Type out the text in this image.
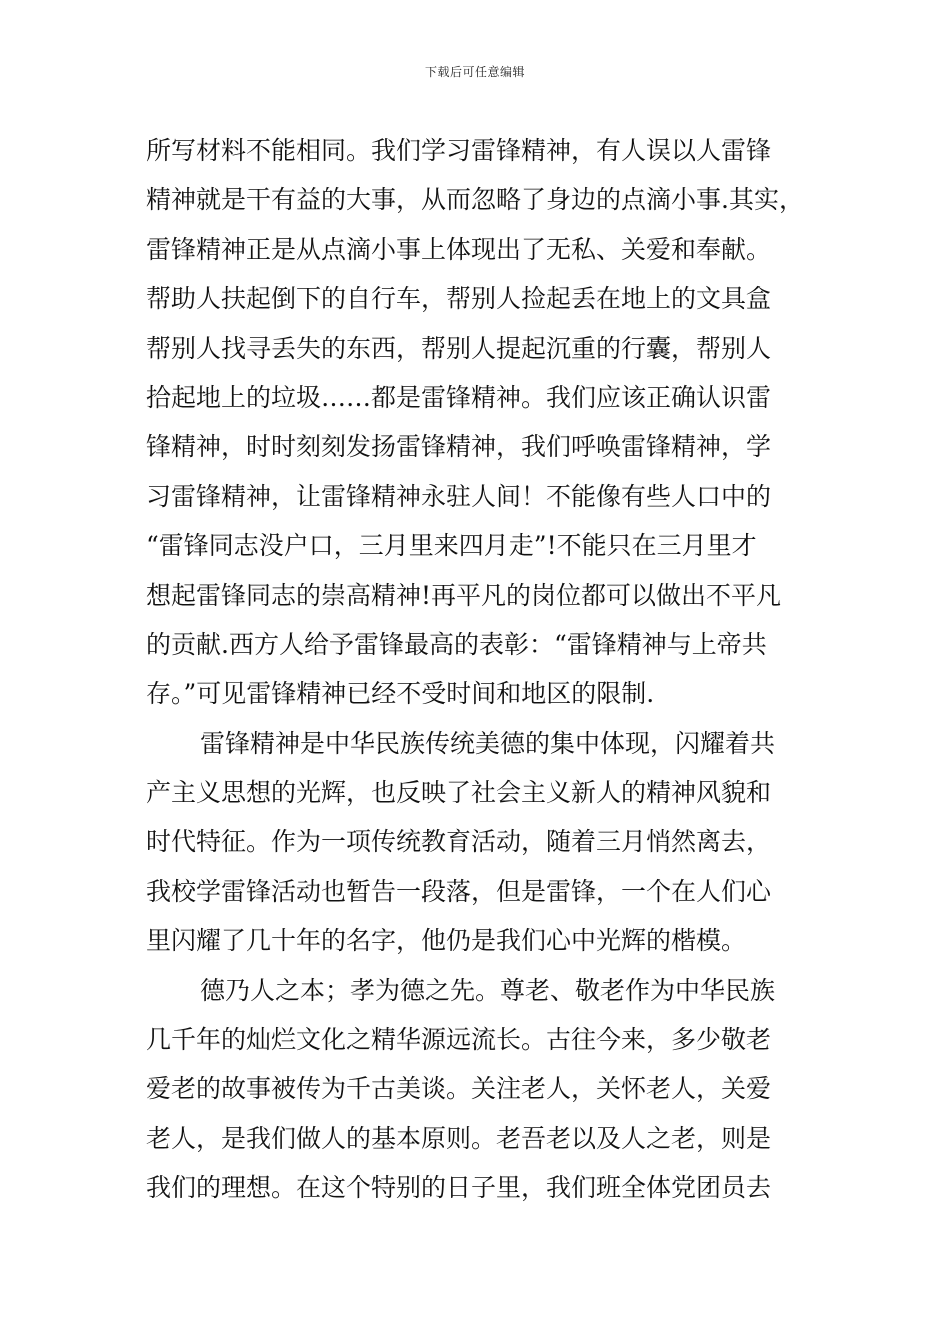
下载后可任意编辑
所写材料不能相同。我们学习雷锋精神，有人误以人雷锋
精神就是干有益的大事，从而忽略了身边的点滴小事.其实，
雷锋精神正是从点滴小事上体现出了无私、关爱和奉献。
帮助人扶起倒下的自行车，帮别人捡起丢在地上的文具盒
帮别人找寻丢失的东西，帮别人提起沉重的行囊，帮别人
拾起地上的垃圾……都是雷锋精神。我们应该正确认识雷
锋精神，时时刻刻发扬雷锋精神，我们呼唤雷锋精神，学
习雷锋精神，让雷锋精神永驻人间！不能像有些人口中的
“雷锋同志没户口，三月里来四月走”!不能只在三月里才
想起雷锋同志的崇高精神!再平凡的岗位都可以做出不平凡
的贡献.西方人给予雷锋最高的表彰：“雷锋精神与上帝共
存。”可见雷锋精神已经不受时间和地区的限制.
雷锋精神是中华民族传统美德的集中体现，闪耀着共
产主义思想的光辉，也反映了社会主义新人的精神风貌和
时代特征。作为一项传统教育活动，随着三月悄然离去，
我校学雷锋活动也暂告一段落，但是雷锋，一个在人们心
里闪耀了几十年的名字，他仍是我们心中光辉的楷模。
德乃人之本；孝为德之先。尊老、敬老作为中华民族
几千年的灿烂文化之精华源远流长。古往今来，多少敬老
爱老的故事被传为千古美谈。关注老人，关怀老人，关爱
老人，是我们做人的基本原则。老吾老以及人之老，则是
我们的理想。在这个特别的日子里，我们班全体党团员去
